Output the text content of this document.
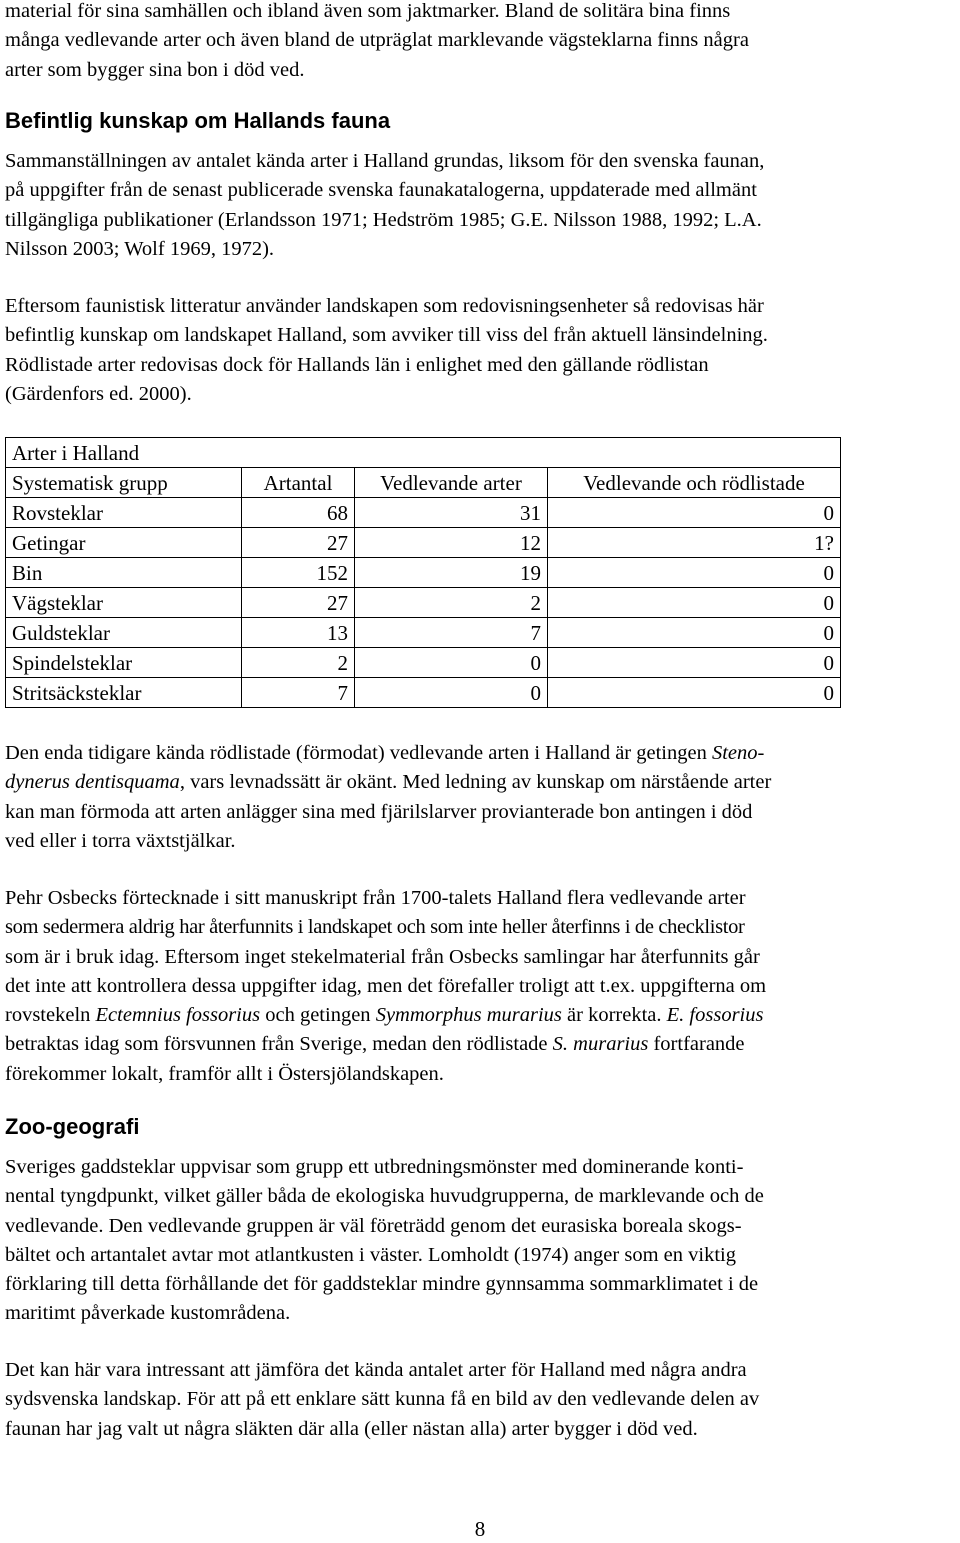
material för sina samhällen och ibland även som jaktmarker. Bland de solitära bina finns

många vedlevande arter och även bland de utpräglat marklevande vägsteklarna finns några

arter som bygger sina bon i död ved.

Befintlig kunskap om Hallands fauna

Sammanställningen av antalet kända arter i Halland grundas, liksom för den svenska faunan,

på uppgifter från de senast publicerade svenska faunakatalogerna, uppdaterade med allmänt

tillgängliga publikationer (Erlandsson 1971; Hedström 1985; G.E. Nilsson 1988, 1992; L.A.

Nilsson 2003; Wolf 1969, 1972).

Eftersom faunistisk litteratur använder landskapen som redovisningsenheter så redovisas här

befintlig kunskap om landskapet Halland, som avviker till viss del från aktuell länsindelning.

Rödlistade arter redovisas dock för Hallands län i enlighet med den gällande rödlistan

(Gärdenfors ed. 2000).

Arter i Halland			
Systematisk grupp	Artantal	Vedlevande arter	Vedlevande och rödlistade
Rovsteklar	68	31	0
Getingar	27	12	1?
Bin	152	19	0
Vägsteklar	27	2	0
Guldsteklar	13	7	0
Spindelsteklar	2	0	0
Stritsäcksteklar	7	0	0

Den enda tidigare kända rödlistade (förmodat) vedlevande arten i Halland är getingen Steno-

dynerus dentisquama, vars levnadssätt är okänt. Med ledning av kunskap om närstående arter

kan man förmoda att arten anlägger sina med fjärilslarver provianterade bon antingen i död

ved eller i torra växtstjälkar.

Pehr Osbecks förtecknade i sitt manuskript från 1700-talets Halland flera vedlevande arter

som sedermera aldrig har återfunnits i landskapet och som inte heller återfinns i de checklistor

som är i bruk idag. Eftersom inget stekelmaterial från Osbecks samlingar har återfunnits går

det inte att kontrollera dessa uppgifter idag, men det förefaller troligt att t.ex. uppgifterna om

rovstekeln Ectemnius fossorius och getingen Symmorphus murarius är korrekta. E. fossorius

betraktas idag som försvunnen från Sverige, medan den rödlistade S. murarius fortfarande

förekommer lokalt, framför allt i Östersjölandskapen.

Zoo-geografi

Sveriges gaddsteklar uppvisar som grupp ett utbredningsmönster med dominerande konti-

nental tyngdpunkt, vilket gäller båda de ekologiska huvudgrupperna, de marklevande och de

vedlevande. Den vedlevande gruppen är väl företrädd genom det eurasiska boreala skogs-

bältet och artantalet avtar mot atlantkusten i väster. Lomholdt (1974) anger som en viktig

förklaring till detta förhållande det för gaddsteklar mindre gynnsamma sommarklimatet i de

maritimt påverkade kustområdena.

Det kan här vara intressant att jämföra det kända antalet arter för Halland med några andra

sydsvenska landskap. För att på ett enklare sätt kunna få en bild av den vedlevande delen av

faunan har jag valt ut några släkten där alla (eller nästan alla) arter bygger i död ved.

8
